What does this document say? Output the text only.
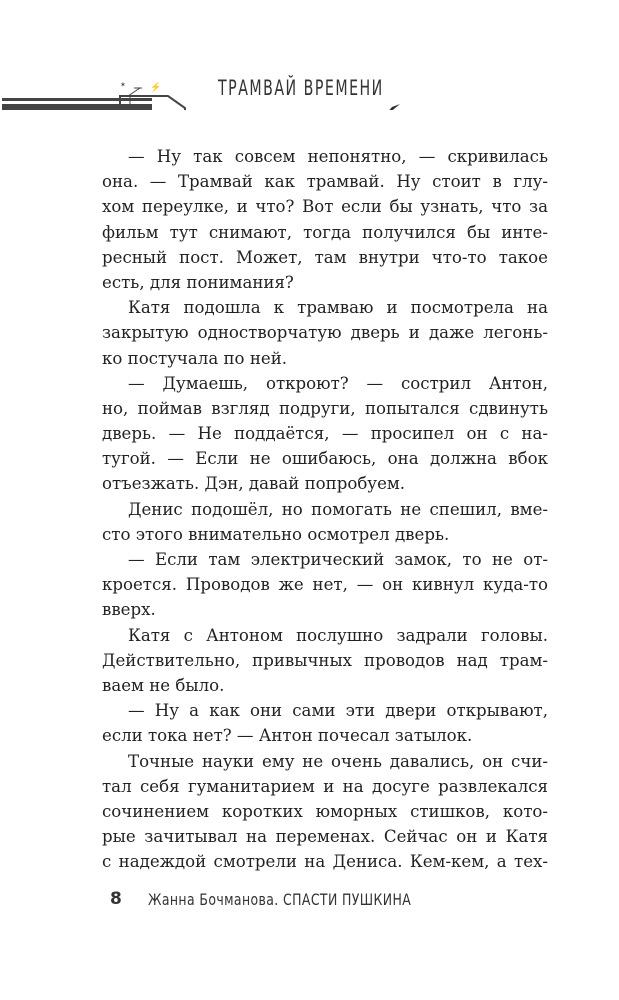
⚡
✶	ТРАМВАЙ ВРЕМЕНИ
— Ну так совсем непонятно, — скривилась
она. — Трамвай как трамвай. Ну стоит в глу-
хом переулке, и что? Вот если бы узнать, что за
фильм тут снимают, тогда получился бы инте-
ресный пост. Может, там внутри что-то такое
есть, для понимания?
Катя подошла к трамваю и посмотрела на
закрытую одностворчатую дверь и даже легонь-
ко постучала по ней.
— Думаешь, откроют? — сострил Антон,
но, поймав взгляд подруги, попытался сдвинуть
дверь. — Не поддаётся, — просипел он с на-
тугой. — Если не ошибаюсь, она должна вбок
отъезжать. Дэн, давай попробуем.
Денис подошёл, но помогать не спешил, вме-
сто этого внимательно осмотрел дверь.
— Если там электрический замок, то не от-
кроется. Проводов же нет, — он кивнул куда-то
вверх.
Катя с Антоном послушно задрали головы.
Действительно, привычных проводов над трам-
ваем не было.
— Ну а как они сами эти двери открывают,
если тока нет? — Антон почесал затылок.
Точные науки ему не очень давались, он счи-
тал себя гуманитарием и на досуге развлекался
сочинением коротких юморных стишков, кото-
рые зачитывал на переменах. Сейчас он и Катя
с надеждой смотрели на Дениса. Кем-кем, а тех-
8 Жанна Бочманова. СПАСТИ ПУШКИНА
